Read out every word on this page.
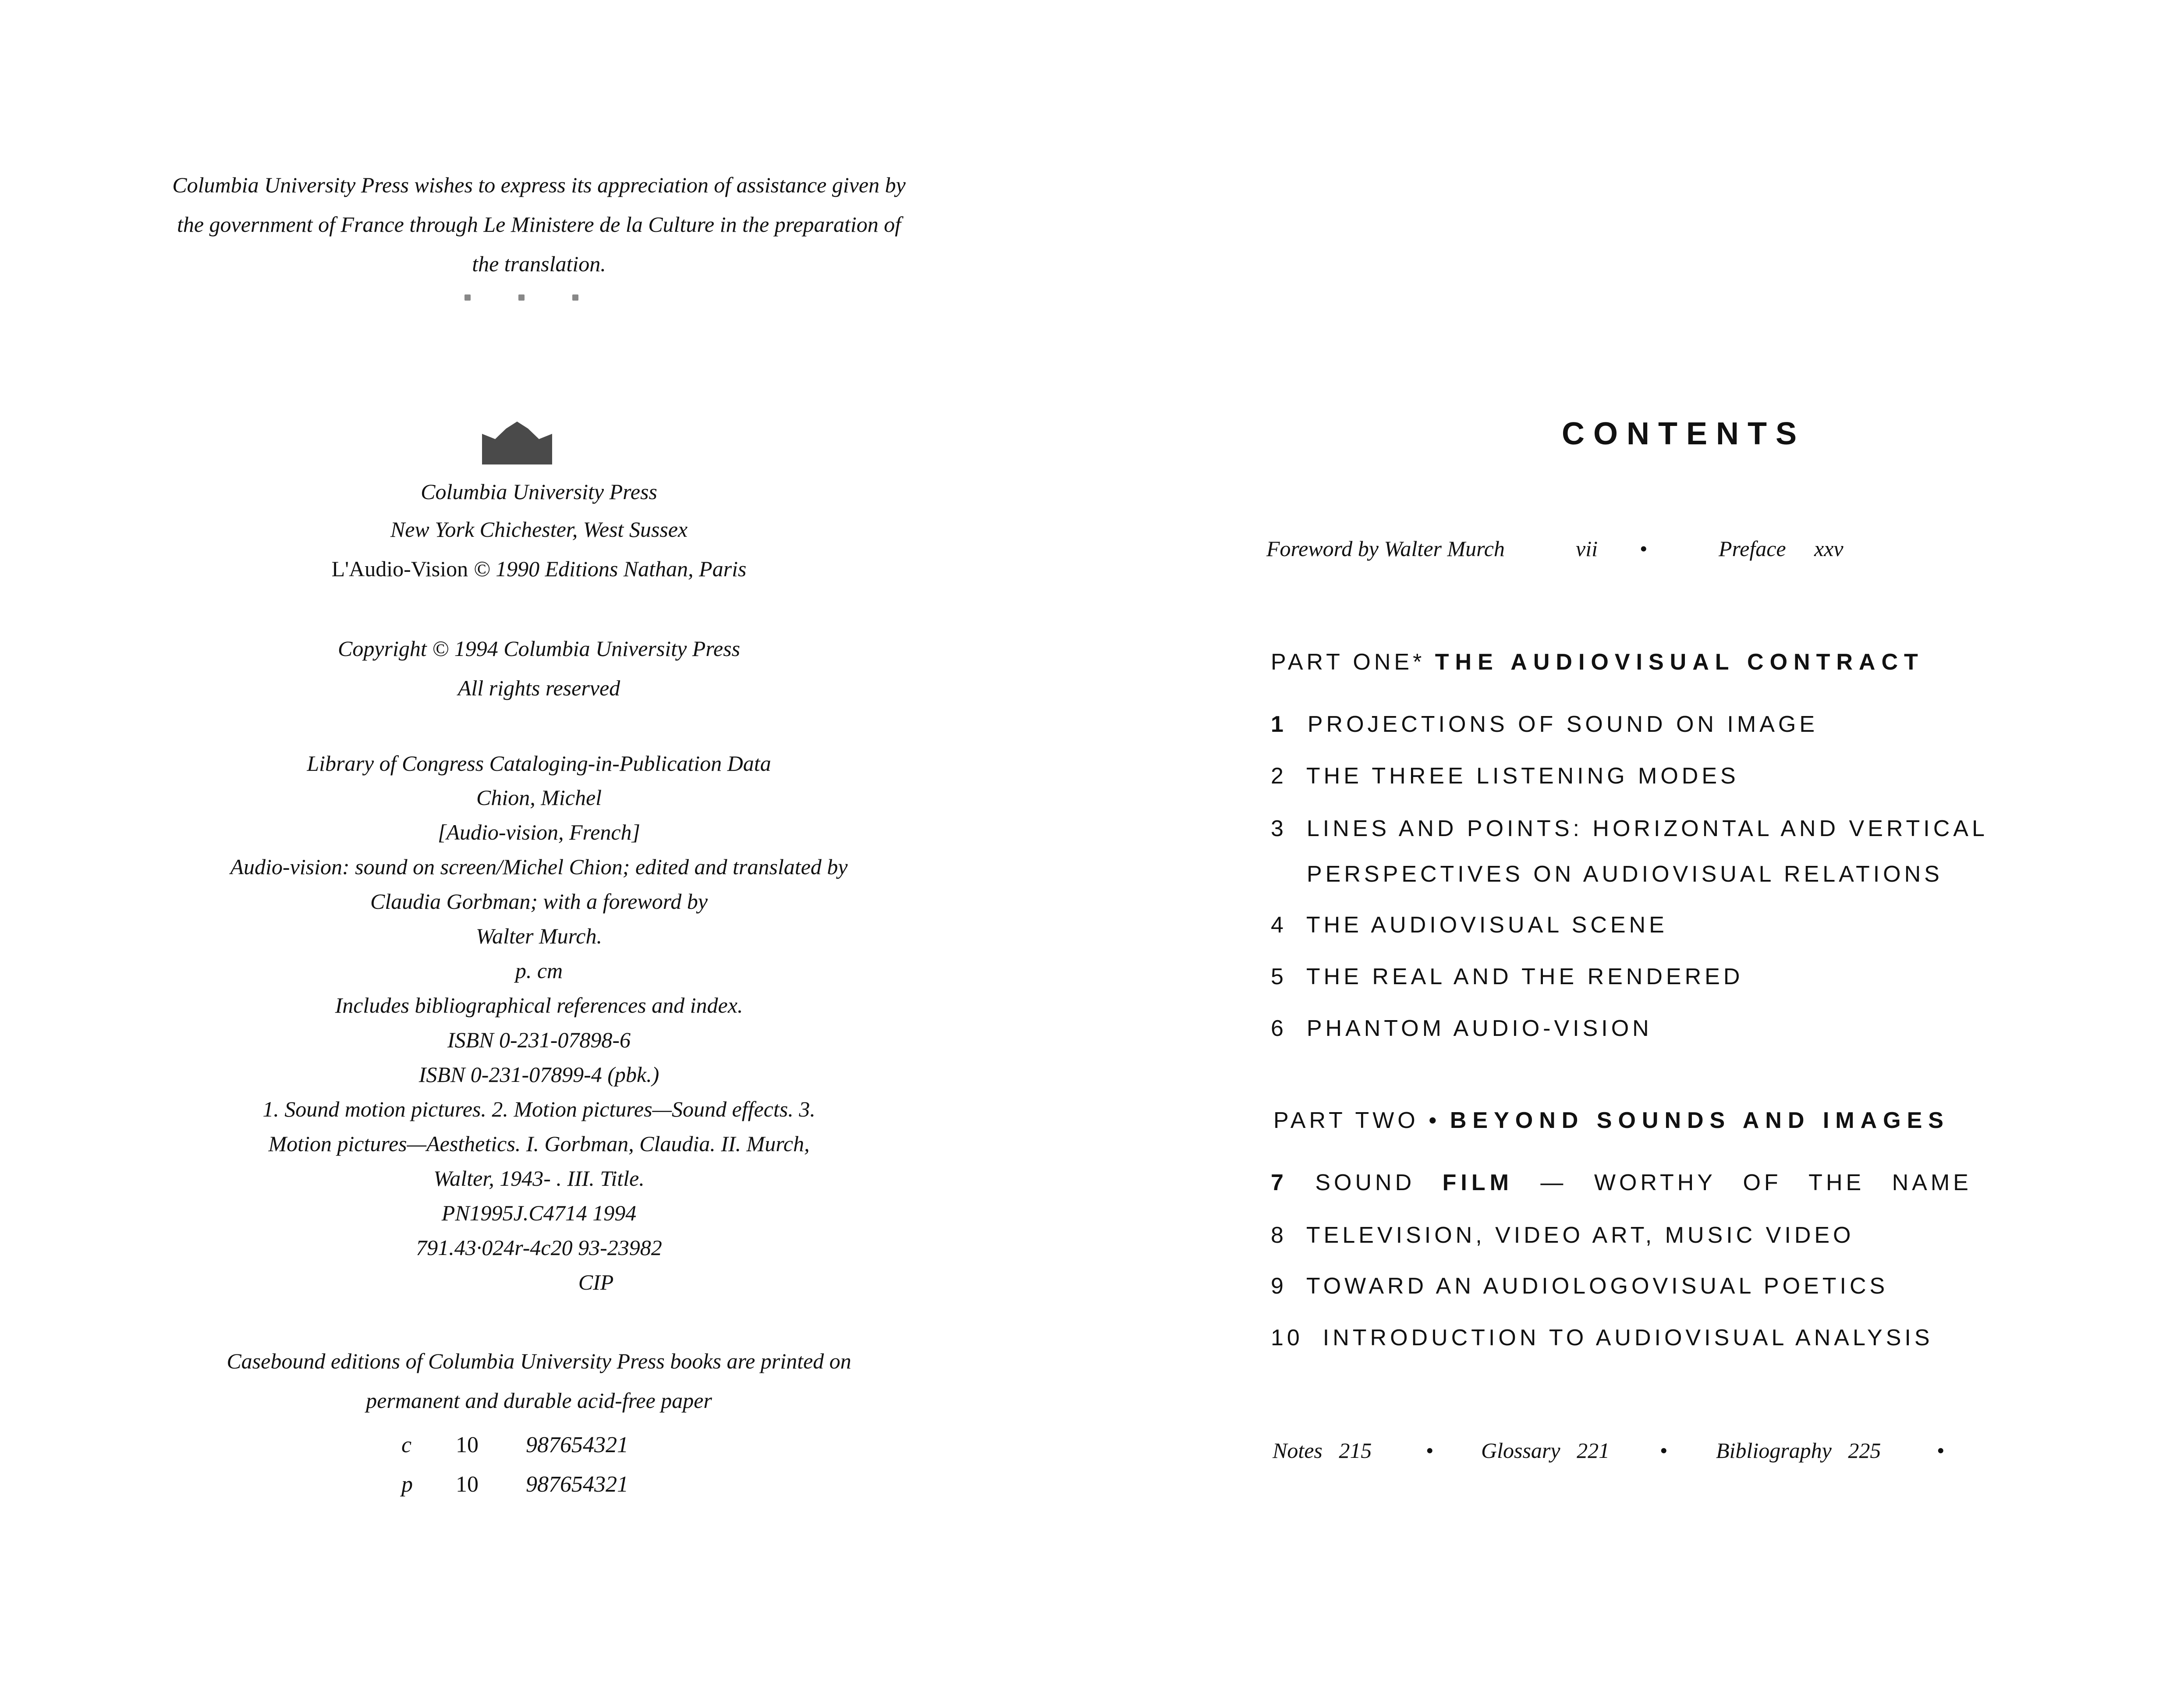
Columbia University Press wishes to express its appreciation of assistance given by
the government of France through Le Ministere de la Culture in the preparation of
the translation.
Columbia University Press
New York Chichester, West Sussex
L'Audio-Vision © 1990 Editions Nathan, Paris
Copyright © 1994 Columbia University Press
All rights reserved
Library of Congress Cataloging-in-Publication Data
Chion, Michel
[Audio-vision, French]
Audio-vision: sound on screen/Michel Chion; edited and translated by
Claudia Gorbman; with a foreword by
Walter Murch.
p. cm
Includes bibliographical references and index.
ISBN 0-231-07898-6
ISBN 0-231-07899-4 (pbk.)
1. Sound motion pictures. 2. Motion pictures—Sound effects. 3.
Motion pictures—Aesthetics. I. Gorbman, Claudia. II. Murch,
Walter, 1943- . III. Title.
PN1995J.C4714 1994
791.43·024r-4c20 93-23982
CIP
Casebound editions of Columbia University Press books are printed on
permanent and durable acid-free paper
c 10 987654321
p 10 987654321
CONTENTS
Foreword by Walter Murch	vii •	Preface xxv
PART ONE* THE AUDIOVISUAL CONTRACT
1 PROJECTIONS OF SOUND ON IMAGE
2 THE THREE LISTENING MODES
3 LINES AND POINTS: HORIZONTAL AND VERTICAL
PERSPECTIVES ON AUDIOVISUAL RELATIONS
4 THE AUDIOVISUAL SCENE
5 THE REAL AND THE RENDERED
6 PHANTOM AUDIO-VISION
PART TWO • BEYOND SOUNDS AND IMAGES
7 SOUND FILM — WORTHY OF THE NAME
8 TELEVISION, VIDEO ART, MUSIC VIDEO
9 TOWARD AN AUDIOLOGOVISUAL POETICS
10 INTRODUCTION TO AUDIOVISUAL ANALYSIS
Notes 215 • Glossary 221 • Bibliography 225	•
